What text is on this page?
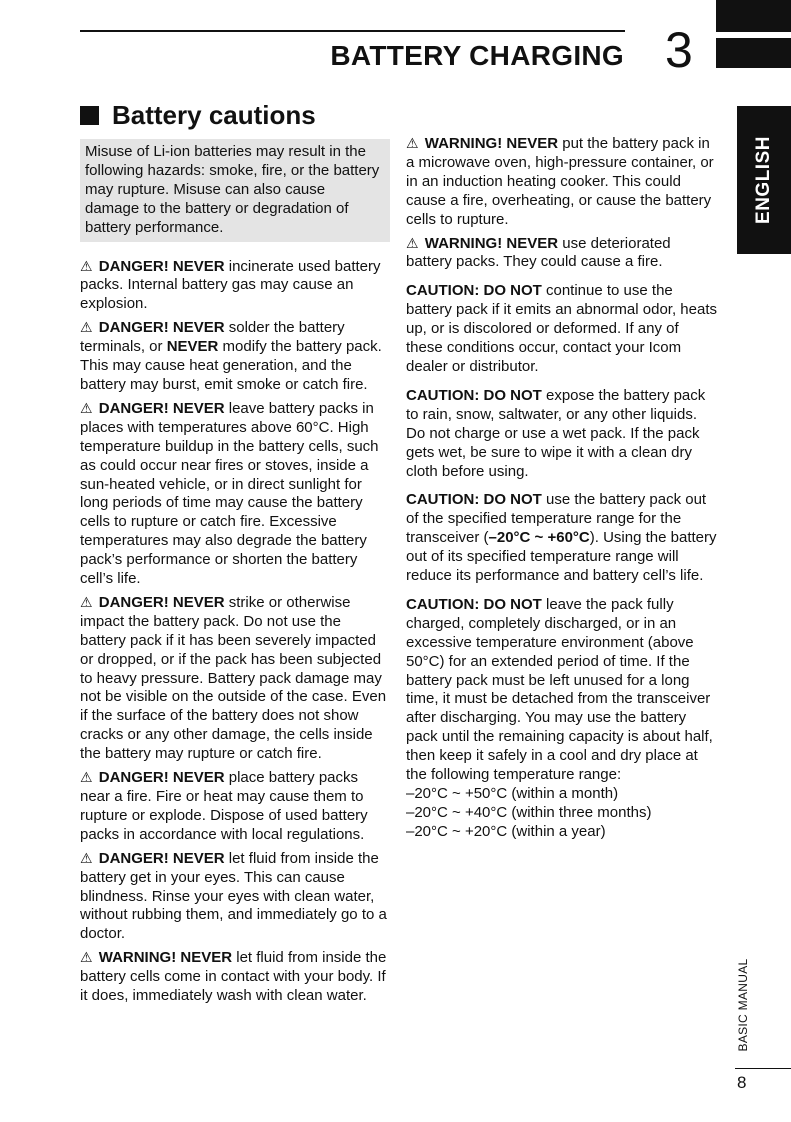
BATTERY CHARGING 3
ENGLISH
Battery cautions
Misuse of Li-ion batteries may result in the following hazards: smoke, fire, or the battery may rupture. Misuse can also cause damage to the battery or degradation of battery performance.

⚠ DANGER! NEVER incinerate used battery packs. Internal battery gas may cause an explosion.

⚠ DANGER! NEVER solder the battery terminals, or NEVER modify the battery pack. This may cause heat generation, and the battery may burst, emit smoke or catch fire.

⚠ DANGER! NEVER leave battery packs in places with temperatures above 60°C. High temperature buildup in the battery cells, such as could occur near fires or stoves, inside a sun-heated vehicle, or in direct sunlight for long periods of time may cause the battery cells to rupture or catch fire. Excessive temperatures may also degrade the battery pack’s performance or shorten the battery cell’s life.

⚠ DANGER! NEVER strike or otherwise impact the battery pack. Do not use the battery pack if it has been severely impacted or dropped, or if the pack has been subjected to heavy pressure. Battery pack damage may not be visible on the outside of the case. Even if the surface of the battery does not show cracks or any other damage, the cells inside the battery may rupture or catch fire.

⚠ DANGER! NEVER place battery packs near a fire. Fire or heat may cause them to rupture or explode. Dispose of used battery packs in accordance with local regulations.

⚠ DANGER! NEVER let fluid from inside the battery get in your eyes. This can cause blindness. Rinse your eyes with clean water, without rubbing them, and immediately go to a doctor.

⚠ WARNING! NEVER let fluid from inside the battery cells come in contact with your body. If it does, immediately wash with clean water.

⚠ WARNING! NEVER put the battery pack in a microwave oven, high-pressure container, or in an induction heating cooker. This could cause a fire, overheating, or cause the battery cells to rupture.

⚠ WARNING! NEVER use deteriorated battery packs. They could cause a fire.

CAUTION: DO NOT continue to use the battery pack if it emits an abnormal odor, heats up, or is discolored or deformed. If any of these conditions occur, contact your Icom dealer or distributor.

CAUTION: DO NOT expose the battery pack to rain, snow, saltwater, or any other liquids. Do not charge or use a wet pack. If the pack gets wet, be sure to wipe it with a clean dry cloth before using.

CAUTION: DO NOT use the battery pack out of the specified temperature range for the transceiver (–20°C ~ +60°C). Using the battery out of its specified temperature range will reduce its performance and battery cell’s life.

CAUTION: DO NOT leave the pack fully charged, completely discharged, or in an excessive temperature environment (above 50°C) for an extended period of time. If the battery pack must be left unused for a long time, it must be detached from the transceiver after discharging. You may use the battery pack until the remaining capacity is about half, then keep it safely in a cool and dry place at the following temperature range:

–20°C ~ +50°C (within a month)
–20°C ~ +40°C (within three months)
–20°C ~ +20°C (within a year)
BASIC MANUAL
8
